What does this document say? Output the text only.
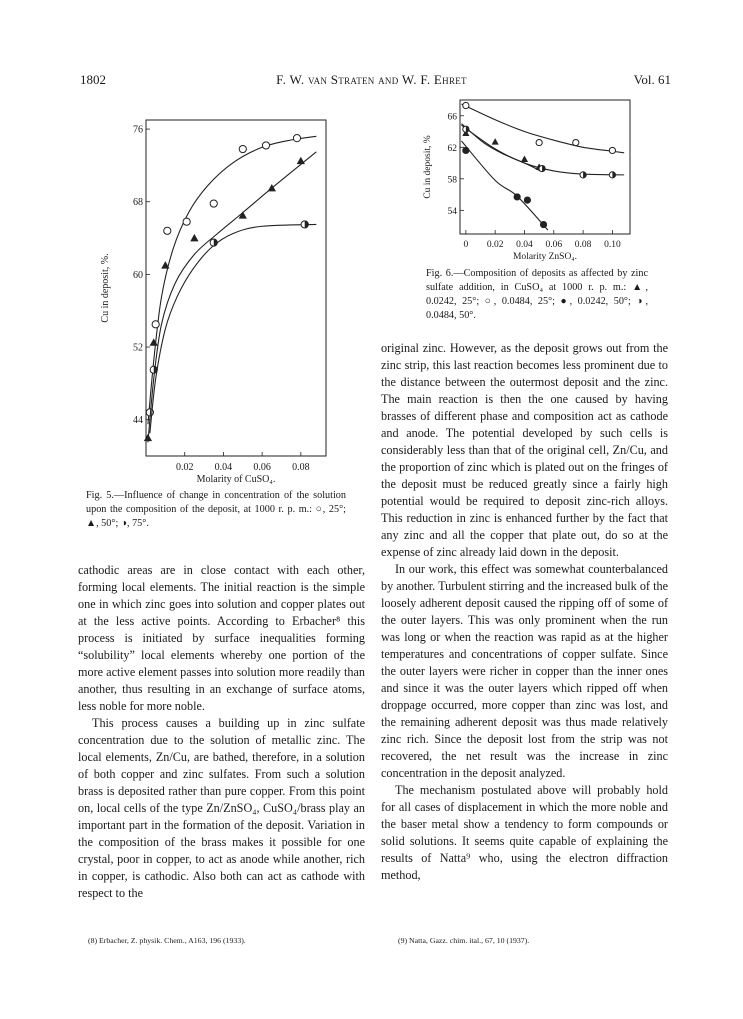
1802	F. W. van Straten and W. F. Ehret	Vol. 61
0.02 0.04 0.06 0.08
44
52
60
68
76
Molarity of CuSO₄.
Cu in deposit, %.
Fig. 5.—Influence of change in concentration of the solution upon the composition of the deposit, at 1000 r. p. m.: ○, 25°; ▲, 50°; ◑, 75°.
0 0.02 0.04 0.06 0.08 0.10
54
58
62
66
Molarity ZnSO₄.
Cu in deposit, %
Fig. 6.—Composition of deposits as affected by zinc sulfate addition, in CuSO₄ at 1000 r. p. m.: ▲, 0.0242, 25°; ○, 0.0484, 25°; ●, 0.0242, 50°; ◑, 0.0484, 50°.

cathodic areas are in close contact with each other, forming local elements. The initial reaction is the simple one in which zinc goes into solution and copper plates out at the less active points. According to Erbacher⁸ this process is initiated by surface inequalities forming “solubility” local elements whereby one portion of the more active element passes into solution more readily than another, thus resulting in an exchange of surface atoms, less noble for more noble.

This process causes a building up in zinc sulfate concentration due to the solution of metallic zinc. The local elements, Zn/Cu, are bathed, therefore, in a solution of both copper and zinc sulfates. From such a solution brass is deposited rather than pure copper. From this point on, local cells of the type Zn/ZnSO₄, CuSO₄/brass play an important part in the formation of the deposit. Variation in the composition of the brass makes it possible for one crystal, poor in copper, to act as anode while another, rich in copper, is cathodic. Also both can act as cathode with respect to the

original zinc. However, as the deposit grows out from the zinc strip, this last reaction becomes less prominent due to the distance between the outermost deposit and the zinc. The main reaction is then the one caused by having brasses of different phase and composition act as cathode and anode. The potential developed by such cells is considerably less than that of the original cell, Zn/Cu, and the proportion of zinc which is plated out on the fringes of the deposit must be reduced greatly since a fairly high potential would be required to deposit zinc-rich alloys. This reduction in zinc is enhanced further by the fact that any zinc and all the copper that plate out, do so at the expense of zinc already laid down in the deposit.

In our work, this effect was somewhat counterbalanced by another. Turbulent stirring and the increased bulk of the loosely adherent deposit caused the ripping off of some of the outer layers. This was only prominent when the run was long or when the reaction was rapid as at the higher temperatures and concentrations of copper sulfate. Since the outer layers were richer in copper than the inner ones and since it was the outer layers which ripped off when droppage occurred, more copper than zinc was lost, and the remaining adherent deposit was thus made relatively zinc rich. Since the deposit lost from the strip was not recovered, the net result was the increase in zinc concentration in the deposit analyzed.

The mechanism postulated above will probably hold for all cases of displacement in which the more noble and the baser metal show a tendency to form compounds or solid solutions. It seems quite capable of explaining the results of Natta⁹ who, using the electron diffraction method,

(8) Erbacher, Z. physik. Chem., A163, 196 (1933).	(9) Natta, Gazz. chim. ital., 67, 10 (1937).
